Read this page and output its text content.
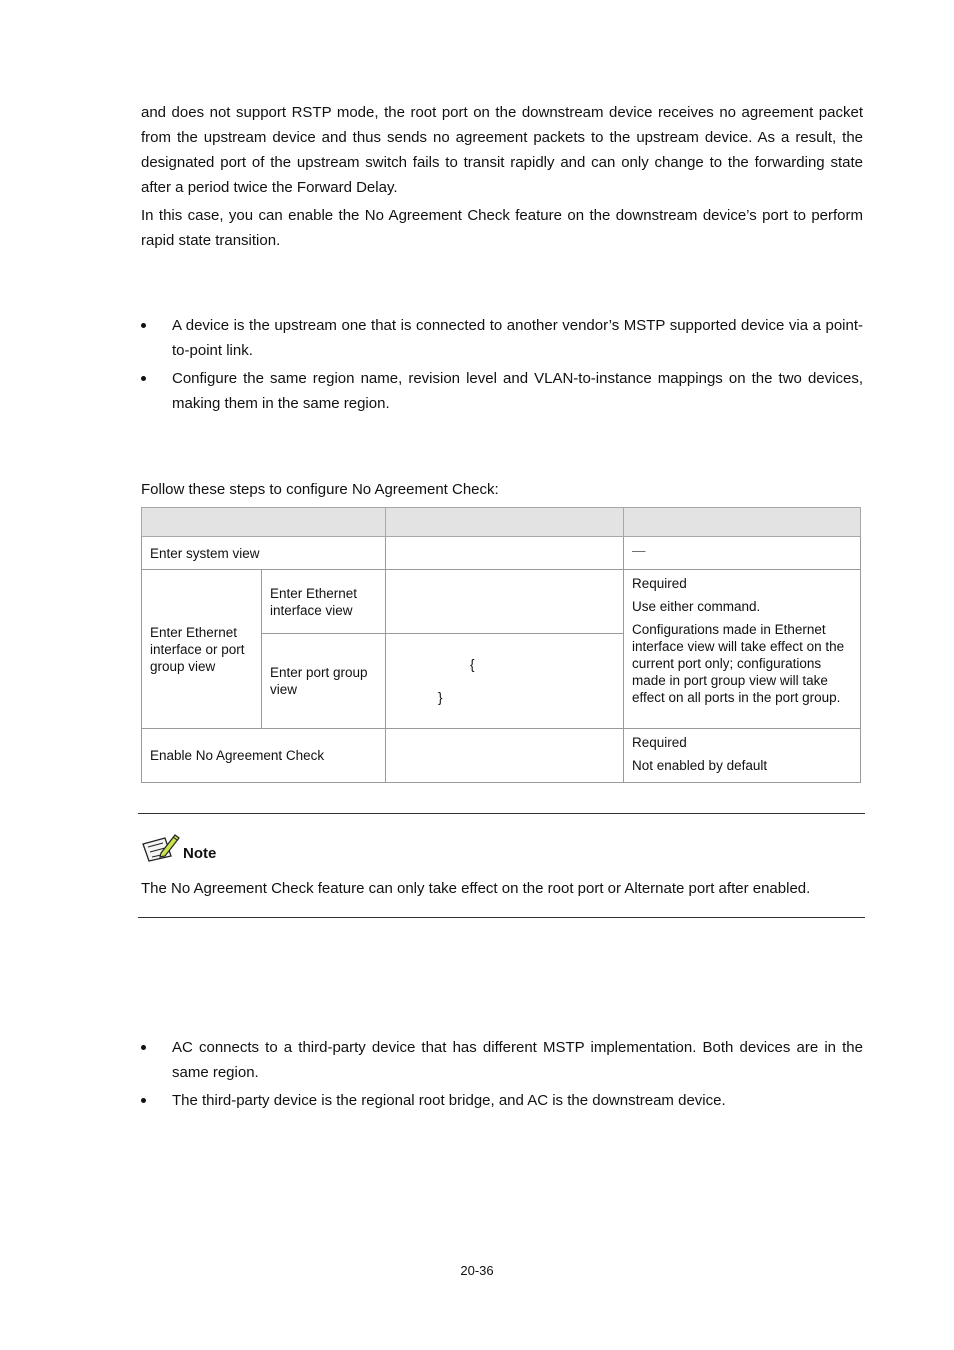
and does not support RSTP mode, the root port on the downstream device receives no agreement packet from the upstream device and thus sends no agreement packets to the upstream device. As a result, the designated port of the upstream switch fails to transit rapidly and can only change to the forwarding state after a period twice the Forward Delay.

In this case, you can enable the No Agreement Check feature on the downstream device’s port to perform rapid state transition.

A device is the upstream one that is connected to another vendor’s MSTP supported device via a point-to-point link.
Configure the same region name, revision level and VLAN-to-instance mappings on the two devices, making them in the same region.

Follow these steps to configure No Agreement Check:

Enter system view			—
Enter Ethernet interface or port group view	Enter Ethernet interface view		Required
Use either command.
Configurations made in Ethernet interface view will take effect on the current port only; configurations made in port group view will take effect on all ports in the port group.

	Enter port group view	{
}	

Enable No Agreement Check			Required
Not enabled by default
Note

The No Agreement Check feature can only take effect on the root port or Alternate port after enabled.

AC connects to a third-party device that has different MSTP implementation. Both devices are in the same region.
The third-party device is the regional root bridge, and AC is the downstream device.
20-36
